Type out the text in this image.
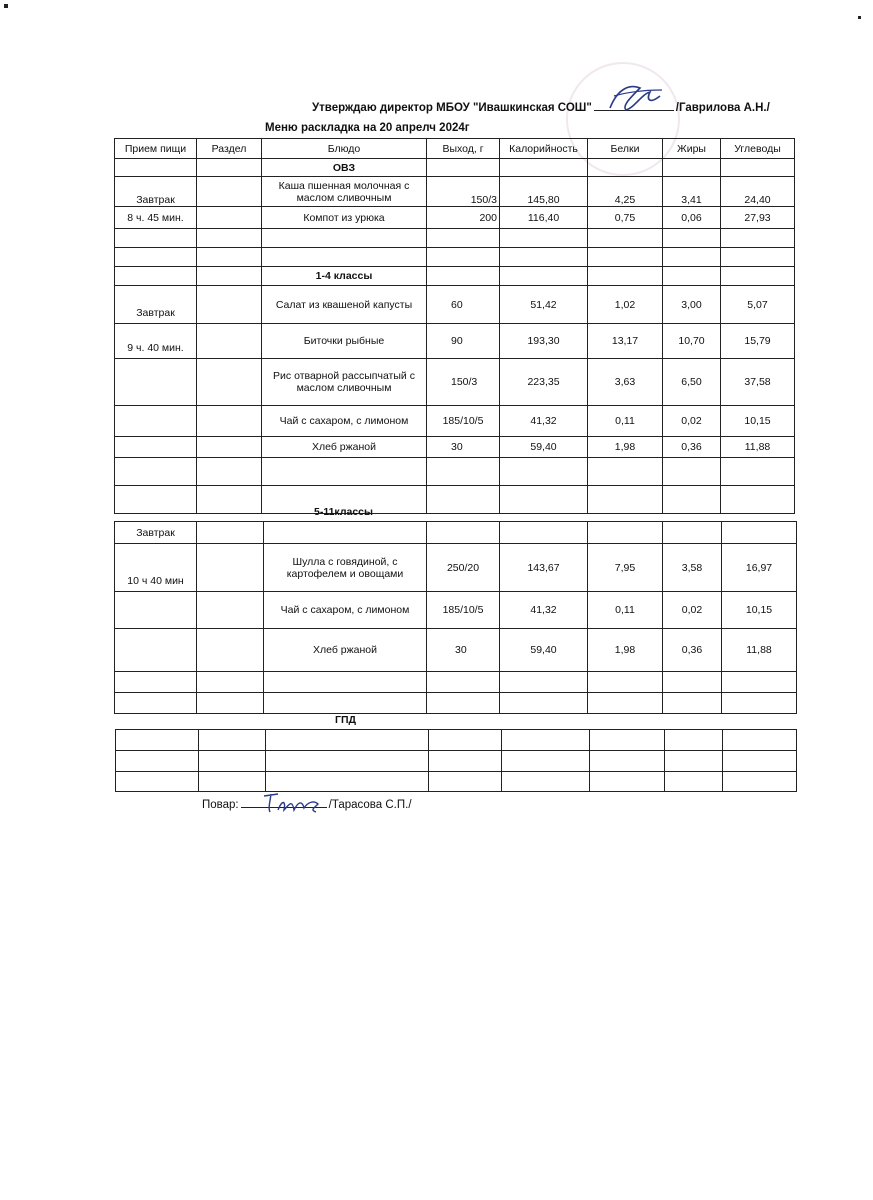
Утверждаю директор МБОУ "Ивашкинская СОШ"	/Гаврилова А.Н./
Меню раскладка на 20 апрелч 2024г
Прием пищи	Раздел	Блюдо	Выход, г	Калорийность	Белки	Жиры	Углеводы
		ОВЗ					
Завтрак		Каша пшенная молочная с маслом сливочным	150/3	145,80	4,25	3,41	24,40
8 ч. 45 мин.		Компот из урюка	200	116,40	0,75	0,06	27,93

		1-4 классы					
Завтрак		Салат из квашеной капусты	60	51,42	1,02	3,00	5,07
9 ч. 40 мин.		Биточки рыбные	90	193,30	13,17	10,70	15,79
		Рис отварной рассыпчатый с маслом сливочным	150/3	223,35	3,63	6,50	37,58
		Чай с сахаром, с лимоном	185/10/5	41,32	0,11	0,02	10,15
		Хлеб ржаной	30	59,40	1,98	0,36	11,88

5-11классы
Завтрак							
10 ч 40 мин		Шулла с говядиной, с картофелем и овощами	250/20	143,67	7,95	3,58	16,97
		Чай с сахаром, с лимоном	185/10/5	41,32	0,11	0,02	10,15
		Хлеб ржаной	30	59,40	1,98	0,36	11,88

ГПД

Повар:	/Тарасова С.П./
